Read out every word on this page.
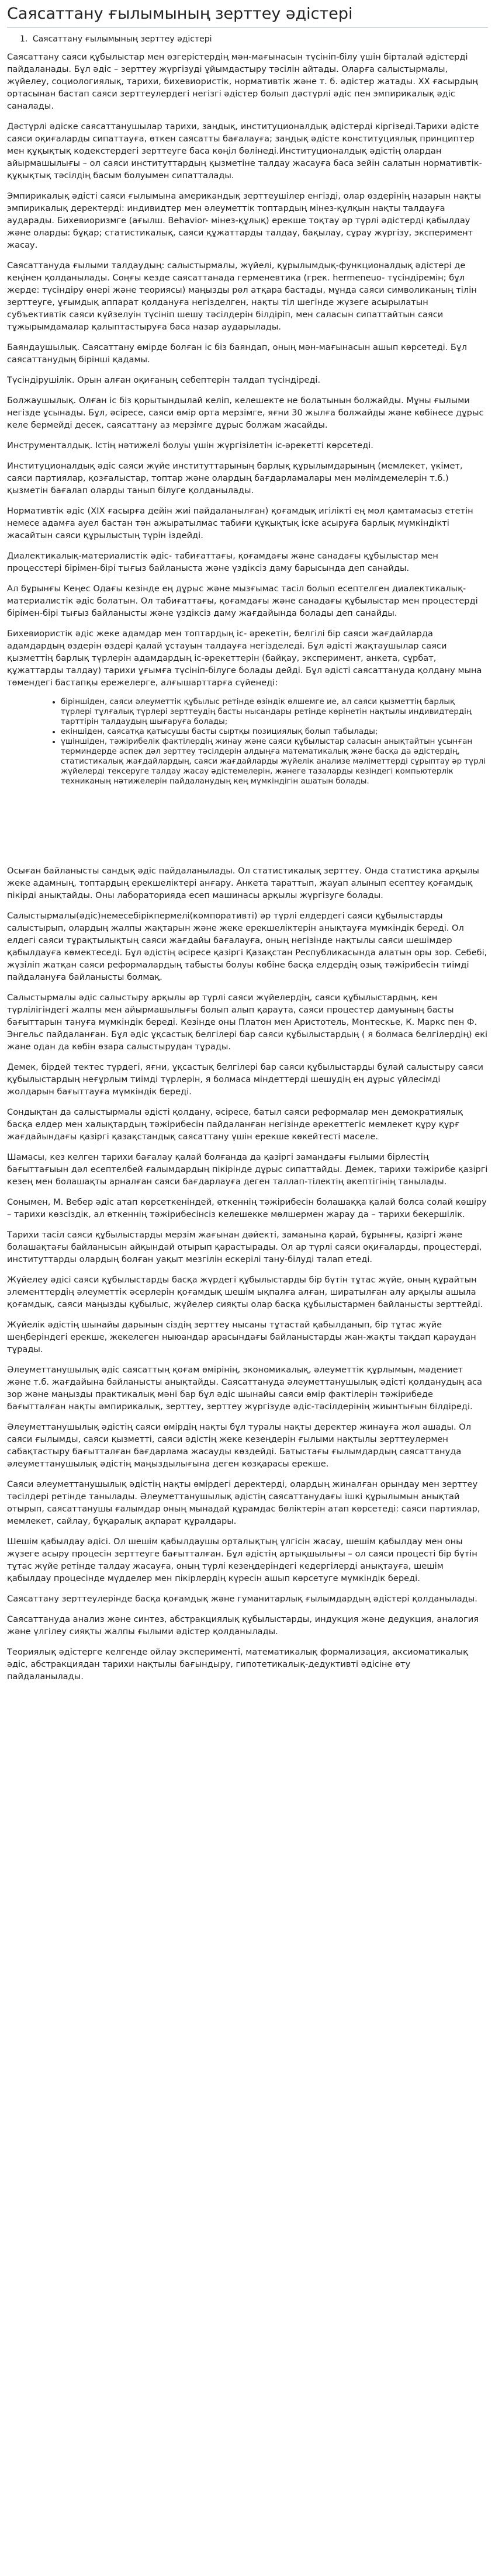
Саясаттану ғылымының зерттеу әдістері
1. Саясаттану ғылымының зерттеу әдістері

Саясаттану саяси құбылыстар мен өзгерістердің мән-мағынасын түсініп-білу үшін бірталай әдістерді пайдаланады. Бұл әдіс – зерттеу жүргізуді ұйымдастыру тәсілін айтады. Оларға салыстырмалы, жүйелеу, социологиялық, тарихи, бихевиористік, нормативтік және т. б. әдістер жатады. ХХ ғасырдың ортасынан бастап саяси зерттеулердегі негізгі әдістер болып дәстүрлі әдіс пен эмпирикалық әдіс саналады.

Дәстүрлі әдіске саясаттанушылар тарихи, заңдық, институционалдық әдістерді кіргізеді.Тарихи әдісте саяси оқиғаларды сипаттауға, өткен саясатты бағалауға; заңдық әдісте конституциялық принциптер мен құқықтық кодекстердегі зерттеуге баса көңіл бөлінеді.Институционалдық әдістің олардан айырмашылығы – ол саяси институттардың қызметіне талдау жасауға баса зейін салатын нормативтік-құқықтық тәсілдің басым болуымен сипатталады.

Эмпирикалық әдісті саяси ғылымына американдық зерттеушілер енгізді, олар өздерінің назарын нақты эмпирикалық деректерді: индивидтер мен әлеуметтік топтардың мінез-құлқын нақты талдауға аударады. Бихевиоризмге (ағылш. Behavior- мінез-құлық) ерекше тоқтау әр түрлі әдістерді қабылдау және оларды: бұқар; статистикалық, саяси құжаттарды талдау, бақылау, сұрау жүргізу, эксперимент жасау.

Саясаттануда ғылыми талдаудың: салыстырмалы, жүйелі, құрылымдық-функционалдық әдістері де кеңінен қолданылады. Соңғы кезде саясаттанада герменевтика (грек. hermeneuo- түсіндіремін; бұл жерде: түсіндіру өнері және теориясы) маңызды рөл атқара бастады, мұнда саяси символиканың тілін зерттеуге, ұғымдық аппарат қолдануға негізделген, нақты тіл шегінде жүзеге асырылатын субъективтік саяси күйзелуін түсініп шешу тәсілдерін білдіріп, мен саласын сипаттайтын саяси тұжырымдамалар қалыптастыруға баса назар аударылады.

Баяндаушылық. Саясаттану өмірде болған іс біз баяндап, оның мән-мағынасын ашып көрсетеді. Бұл саясаттанудың бірінші қадамы.

Түсіндірушілік. Орын алған оқиғаның себептерін талдап түсіндіреді.

Болжаушылық. Олған іс біз қорытындылай келіп, келешекте не болатынын болжайды. Мұны ғылыми негізде ұсынады. Бұл, әсіресе, саяси өмір орта мерзімге, яғни 30 жылға болжайды және көбінесе дұрыс келе бермейді десек, саясаттану аз мерзімге дұрыс болжам жасайды.

Инструменталдық. Істің нәтижелі болуы үшін жүргізілетін іс-әрекетті көрсетеді.

Институционалдық әдіс саяси жүйе институттарының барлық құрылымдарының (мемлекет, үкімет, саяси партиялар, қозғалыстар, топтар және олардың бағдарламалары мен мәлімдемелерін т.б.) қызметін бағалап оларды танып білуге қолданылады.

Нормативтік әдіс (XIX ғасырға дейін жиі пайдаланылған) қоғамдық игілікті ең мол қамтамасыз ететін немесе адамға ауел бастан тән ажыратылмас табиғи құқықтық іске асыруға барлық мүмкіндікті жасайтын саяси құрылыстың түрін іздейді.

Диалектикалық-материалистік әдіс- табиғаттағы, қоғамдағы және санадағы құбылыстар мен процесстері бірімен-бірі тығыз байланыста және үздіксіз даму барысында деп санайды.

Ал бұрынғы Кеңес Одағы кезінде ең дұрыс және мызғымас тасіл болып есептелген диалектикалық-материалистік әдіс болатын. Ол табиғаттағы, қоғамдағы және санадағы құбылыстар мен процестерді бірімен-бірі тығыз байланысты және үздіксіз даму жағдайында болады деп санайды.

Бихевиористік әдіс жеке адамдар мен топтардың іс- әрекетін, белгілі бір саяси жағдайларда адамдардың өздерін өздері қалай ұстауын талдауға негізделеді. Бұл әдісті жақтаушылар саяси қызметтің барлық түрлерін адамдардың іс-әрекеттерін (байқау, эксперимент, анкета, сұрбат, құжаттарды талдау) тарихи ұғымға түсініп-білуге болады дейді. Бұл әдісті саясаттануда қолдану мына төмендегі бастапқы ережелерге, алғышарттарға сүйенеді:

• біріншіден, саяси әлеуметтік құбылыс ретінде өзіндік өлшемге ие, ал саяси қызметтің барлық түрлері тұлғалық түрлері зерттеудің басты нысандары ретінде көрінетін нақтылы индивидтердің тарттірін талдаудың шығаруға болады;
• екіншіден, саясатқа қатысушы басты сыртқы позициялық болып табылады;
• үшіншіден, тәжірибелік фактілердің жинау және саяси құбылыстар саласын анықтайтын ұсынған терминдерде аспек дәл зерттеу тәсілдерін алдыңға математикалық және басқа да әдістердің, статистикалық жағдайлардың, саяси жағдайларды жүйелік анализе мәліметтерді сұрыптау әр түрлі жүйелерді тексеруге талдау жасау әдістемелерін, жәнеге тазаларды кезіндегі компьютерлік техниканың нәтижелерін пайдаланудың кең мүмкіндігін ашатын болады.

Осыған байланысты сандық әдіс пайдаланылады. Ол статистикалық зерттеу. Онда статистика арқылы жеке адамның, топтардың ерекшеліктері анғару. Анкета тараттып, жауап алынып есептеу қоғамдық пікірді анықтайды. Оны лабораторияда есеп машинасы арқылы жүргізуге болады.

Салыстырмалы(әдіс)немесебірікпермелі(компоративтi) әр түрлі елдердегі саяси құбылыстарды салыстырып, олардың жалпы жақтарын және жеке ерекшеліктерін анықтауға мүмкіндік береді. Ол елдегі саяси тұрақтылықтың саяси жағдайы бағалауға, оның негізінде нақтылы саяси шешімдер қабылдауға көмектеседі. Бұл әдістің әсіресе қазіргі Қазақстан Республикасында алатын оры зор. Себебі, жүзіліп жатқан саяси реформалардың табысты болуы көбіне басқа елдердің озық тәжірибесін тиімді пайдалануға байланысты болмақ.

Салыстырмалы әдіс салыстыру арқылы әр түрлі саяси жүйелердің, саяси құбылыстардың, кен түрлілігіндегі жалпы мен айырмашылығы болып алып қараута, саяси процестер дамуының басты бағыттарын тануға мүмкіндік береді. Кезінде оны Платон мен Аристотель, Монтескье, К. Маркс пен Ф. Энгельс пайдаланған. Бұл әдіс ұқсастық белгілері бар саяси құбылыстардың ( я болмаса белгілердің) екі жане одан да көбін өзара салыстырудан тұрады.

Демек, бірдей тектес түрдегі, яғни, ұқсастық белгілері бар саяси құбылыстарды бұлай салыстыру саяси құбылыстардың неғұрлым тиімді түрлерін, я болмаса мiндеттердi шешудiң ең дұрыс үйлесімдi жолдарын бағыттауға мүмкіндік береді.

Сондықтан да салыстырмалы әдісті қолдану, әсіресе, батыл саяси реформалар мен демократиялық басқа елдер мен халықтардың тәжірибесін пайдаланған негізінде әрекеттегіс мемлекет құру құрғ жағдайындағы қазіргі қазақстандық саясаттану үшін ерекше көкейтесті маселе.

Шамасы, кез келген тарихи бағалау қалай болғанда да қазіргі замандағы ғылыми бірлестің бағыттағыын дәл есептелбей ғалымдардың пікірінде дұрыс сипаттайды. Демек, тарихи тәжірибе қазіргі кезең мен болашақты арналған саяси бағдарлауға деген таллап-тілектің әкептігінің танылады.

Сонымен, М. Вебер әдіс атап көрсеткеніндей, өткеннің тәжірибесін болашаққа қалай болса солай көшіру – тарихи көзсіздік, ал өткеннің тәжірибесінсіз келешекке мөлшермен жарау да – тарихи бекершілік.

Тарихи тасіл саяси құбылыстарды мерзім жағынан дәйекті, заманына қарай, бұрынғы, қазіргі және болашақтағы байланысын айқындай отырып қарастырады. Ол ар түрлі саяси оқиғаларды, процестерді, институттарды олардың болған уақыт мезгілін ескерілі тану-білуді талап етеді.

Жүйелеу әдісі саяси құбылыстарды басқа жүрдегі құбылыстарды бір бүтін тұтас жүйе, оның құрайтын элементтердің әлеуметтік әсерлерін қоғамдық шешім ықпалға алған, ширатылған алу арқылы ашыла қоғамдық, саяси маңызды құбылыс, жүйелер сияқты олар басқа құбылыстармен байланысты зерттейді.

Жүйелік әдістің шынайы дарынын сіздің зерттеу нысаны тұтастай қабылданып, бір тұтас жүйе шеңберіндегі ерекше, жекелеген ныюандар арасындағы байланыстарды жан-жақты тақдап қараудан тұрады.

Әлеуметтанушылық әдіс саясаттың қоғам өмiрiнiң, экономикалық, әлеуметтік құрлымын, мәдениет және т.б. жағдайына байланысты анықтайды. Саясаттануда әлеуметтанушылық әдісті қолданудың аса зор және маңызды практикалық мәні бар бұл әдіс шынайы саяси өмір фактілерін тәжірибеде бағытталған нақты әмпирикалық, зерттеу, зерттеу жүргізуде әдіс-тәсілдерінің жиынтығын білдіреді.

Әлеуметтанушылық әдістің саяси өмірдің нақты бұл туралы нақты деректер жинауға жол ашады. Ол саяси ғылымды, саяси қызметті, саяси әдістің жеке кезеңдерін ғылыми нақтылы зерттеулермен сабақтастыру бағытталған бағдарлама жасауды көздейді. Батыстағы ғылымдардың саясаттануда әлеуметтанушылық әдістің маңыздылығына деген көзқарасы ерекше.

Саяси әлеуметтанушылық әдістің нақты өмірдегі деректерді, олардың жиналған орындау мен зерттеу тәсілдері ретінде танылады. Әлеуметтанушылық әдістің саясаттанудағы ішкі құрылымын анықтай отырып, саясаттанушы ғалымдар оның мынадай құрамдас бөліктерін атап көрсетеді: саяси партиялар, мемлекет, сайлау, бұқаралық ақпарат құралдары.

Шешім қабылдау әдісі. Ол шешім қабылдаушы орталықтың үлгісін жасау, шешім қабылдау мен оны жүзеге асыру процесін зерттеуге бағытталған. Бұл әдістің артықшылығы – ол саяси процесті бір бүтін тұтас жүйе ретінде талдау жасауға, оның түрлі кезеңдеріндегі кедергілерді анықтауға, шешім қабылдау процесінде мүдделер мен пікірлердің күресін ашып көрсетуге мүмкіндік береді.

Саясаттану зерттеулерінде басқа қоғамдық және гуманитарлық ғылымдардың әдістері қолданылады.

Саясаттануда анализ және синтез, абстракциялық құбылыстарды, индукция және дедукция, аналогия және үлгілеу сияқты жалпы ғылыми әдістер қолданылады.

Теориялық әдістерге келгенде ойлау эксперименті, математикалық формализация, аксиоматикалық әдіс, абстракциядан тарихи нақтылы бағындыру, гипотетикалық-дедуктивті әдісіне өту пайдаланылады.
